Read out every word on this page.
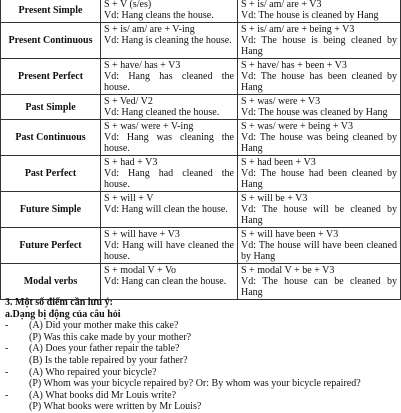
Present Simple	S + V (s/es)
Vd: Hang cleans the house.	S + is/ am/ are + V3
Vd: The house is cleaned by Hang

Present Continuous	S + is/ am/ are + V-ing
Vd: Hang is cleaning the house.	S + is/ am/ are + being + V3
Vd: The house is being cleaned by Hang

Present Perfect	S + have/ has + V3
Vd: Hang has cleaned the house.	S + have/ has + been + V3
Vd: The house has been cleaned by Hang

Past Simple	S + Ved/ V2
Vd: Hang cleaned the house.	S + was/ were + V3
Vd: The house was cleaned by Hang

Past Continuous	S + was/ were + V-ing
Vd: Hang was cleaning the house.	S + was/ were + being + V3
Vd: The house was being cleaned by Hang

Past Perfect	S + had + V3
Vd: Hang had cleaned the house.	S + had been + V3
Vd: The house had been cleaned by Hang

Future Simple	S + will + V
Vd: Hang will clean the house.	S + will be + V3
Vd: The house will be cleaned by Hang

Future Perfect	S + will have + V3
Vd: Hang will have cleaned the house.	S + will have been + V3
Vd: The house will have been cleaned by Hang

Modal verbs	S + modal V + Vo
Vd: Hang can clean the house.	S + modal V + be + V3
Vd: The house can be cleaned by Hang
3. Một số điểm cần lưu ý:
a.Dạng bị động của câu hỏi
- (A) Did your mother make this cake?
(P) Was this cake made by your mother?
- (A) Does your father repair the table?
(B) Is the table repaired by your father?
- (A) Who repaired your bicycle?
(P) Whom was your bicycle repaired by? Or: By whom was your bicycle repaired?
- (A) What books did Mr Louis write?
(P) What books were written by Mr Louis?
